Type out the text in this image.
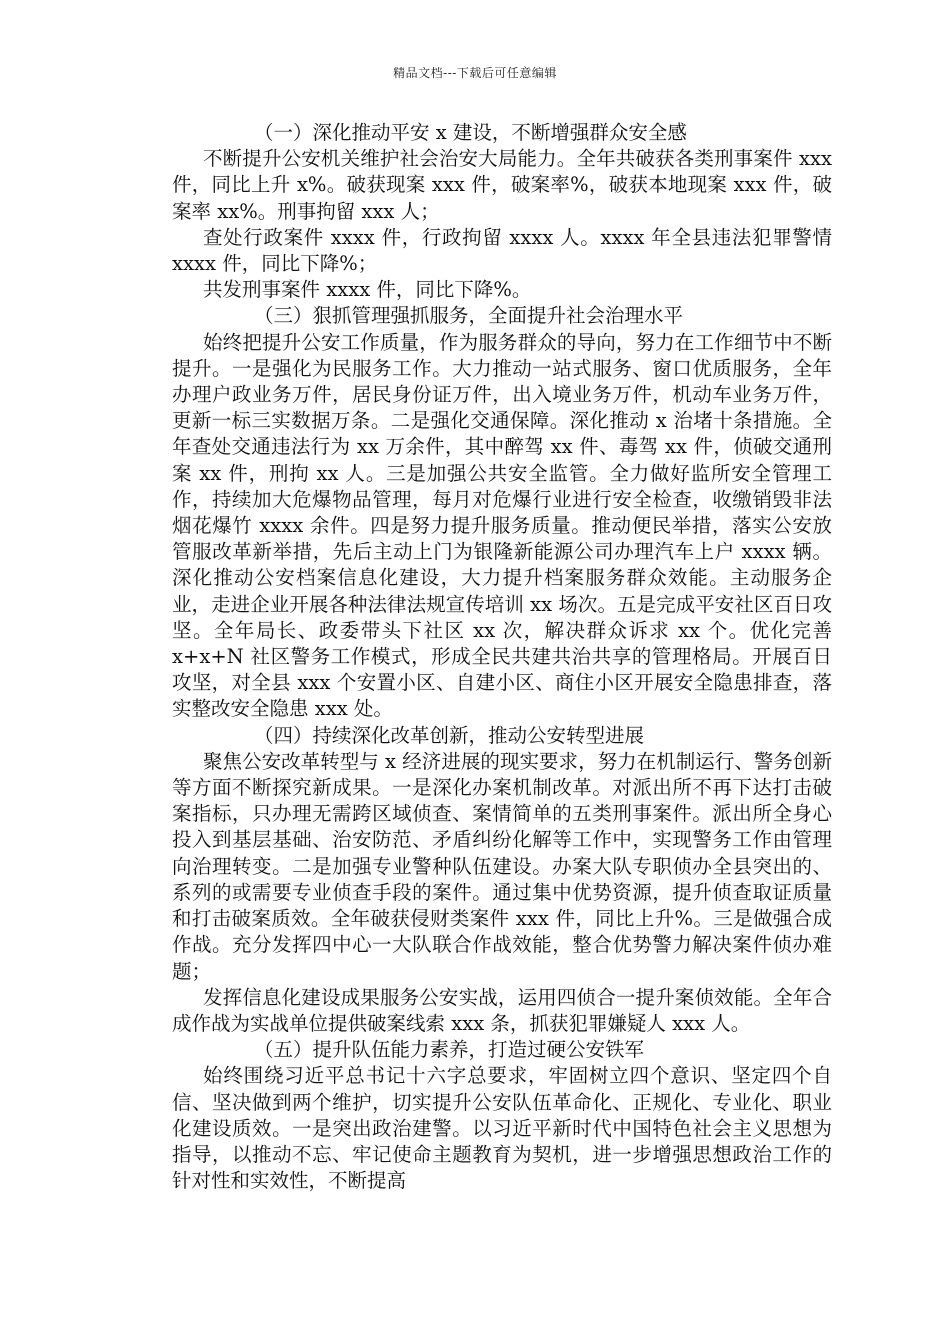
精品文档---下载后可任意编辑
（一）深化推动平安 x 建设，不断增强群众安全感

不断提升公安机关维护社会治安大局能力。全年共破获各类刑事案件 xxx 件，同比上升 x%。破获现案 xxx 件，破案率%，破获本地现案 xxx 件，破案率 xx%。刑事拘留 xxx 人；

查处行政案件 xxxx 件，行政拘留 xxxx 人。xxxx 年全县违法犯罪警情 xxxx 件，同比下降%；

共发刑事案件 xxxx 件，同比下降%。

（三）狠抓管理强抓服务，全面提升社会治理水平

始终把提升公安工作质量，作为服务群众的导向，努力在工作细节中不断提升。一是强化为民服务工作。大力推动一站式服务、窗口优质服务，全年办理户政业务万件，居民身份证万件，出入境业务万件，机动车业务万件，更新一标三实数据万条。二是强化交通保障。深化推动 x 治堵十条措施。全年查处交通违法行为 xx 万余件，其中醉驾 xx 件、毒驾 xx 件，侦破交通刑案 xx 件，刑拘 xx 人。三是加强公共安全监管。全力做好监所安全管理工作，持续加大危爆物品管理，每月对危爆行业进行安全检查，收缴销毁非法烟花爆竹 xxxx 余件。四是努力提升服务质量。推动便民举措，落实公安放管服改革新举措，先后主动上门为银隆新能源公司办理汽车上户 xxxx 辆。深化推动公安档案信息化建设，大力提升档案服务群众效能。主动服务企业，走进企业开展各种法律法规宣传培训 xx 场次。五是完成平安社区百日攻坚。全年局长、政委带头下社区 xx 次，解决群众诉求 xx 个。优化完善 x+x+N 社区警务工作模式，形成全民共建共治共享的管理格局。开展百日攻坚，对全县 xxx 个安置小区、自建小区、商住小区开展安全隐患排查，落实整改安全隐患 xxx 处。

（四）持续深化改革创新，推动公安转型进展

聚焦公安改革转型与 x 经济进展的现实要求，努力在机制运行、警务创新等方面不断探究新成果。一是深化办案机制改革。对派出所不再下达打击破案指标，只办理无需跨区域侦查、案情简单的五类刑事案件。派出所全身心投入到基层基础、治安防范、矛盾纠纷化解等工作中，实现警务工作由管理向治理转变。二是加强专业警种队伍建设。办案大队专职侦办全县突出的、系列的或需要专业侦查手段的案件。通过集中优势资源，提升侦查取证质量和打击破案质效。全年破获侵财类案件 xxx 件，同比上升%。三是做强合成作战。充分发挥四中心一大队联合作战效能，整合优势警力解决案件侦办难题；

发挥信息化建设成果服务公安实战，运用四侦合一提升案侦效能。全年合成作战为实战单位提供破案线索 xxx 条，抓获犯罪嫌疑人 xxx 人。

（五）提升队伍能力素养，打造过硬公安铁军

始终围绕习近平总书记十六字总要求，牢固树立四个意识、坚定四个自信、坚决做到两个维护，切实提升公安队伍革命化、正规化、专业化、职业化建设质效。一是突出政治建警。以习近平新时代中国特色社会主义思想为指导，以推动不忘、牢记使命主题教育为契机，进一步增强思想政治工作的针对性和实效性，不断提高
